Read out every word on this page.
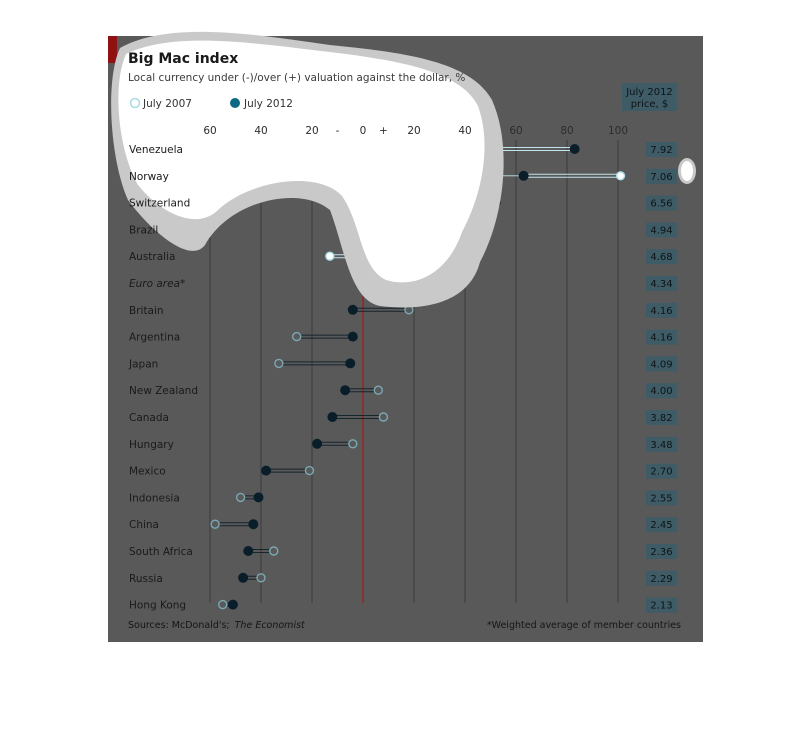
Big Mac index
Local currency under (-)/over (+) valuation against the dollar, %
July 2007	July 2012
July 2012
price, $
Sources: McDonald's; The Economist	*Weighted average of member countries
60	40	20 - 0 + 20	40	60	80	100
Venezuela	7.92
Norway	7.06
Switzerland	6.56
Brazil	4.94
Australia	4.68
Euro area*	4.34
Britain	4.16
Argentina	4.16
Japan	4.09
New Zealand	4.00
Canada	3.82
Hungary	3.48
Mexico	2.70
Indonesia	2.55
China	2.45
South Africa	2.36
Russia	2.29
Hong Kong	2.13
